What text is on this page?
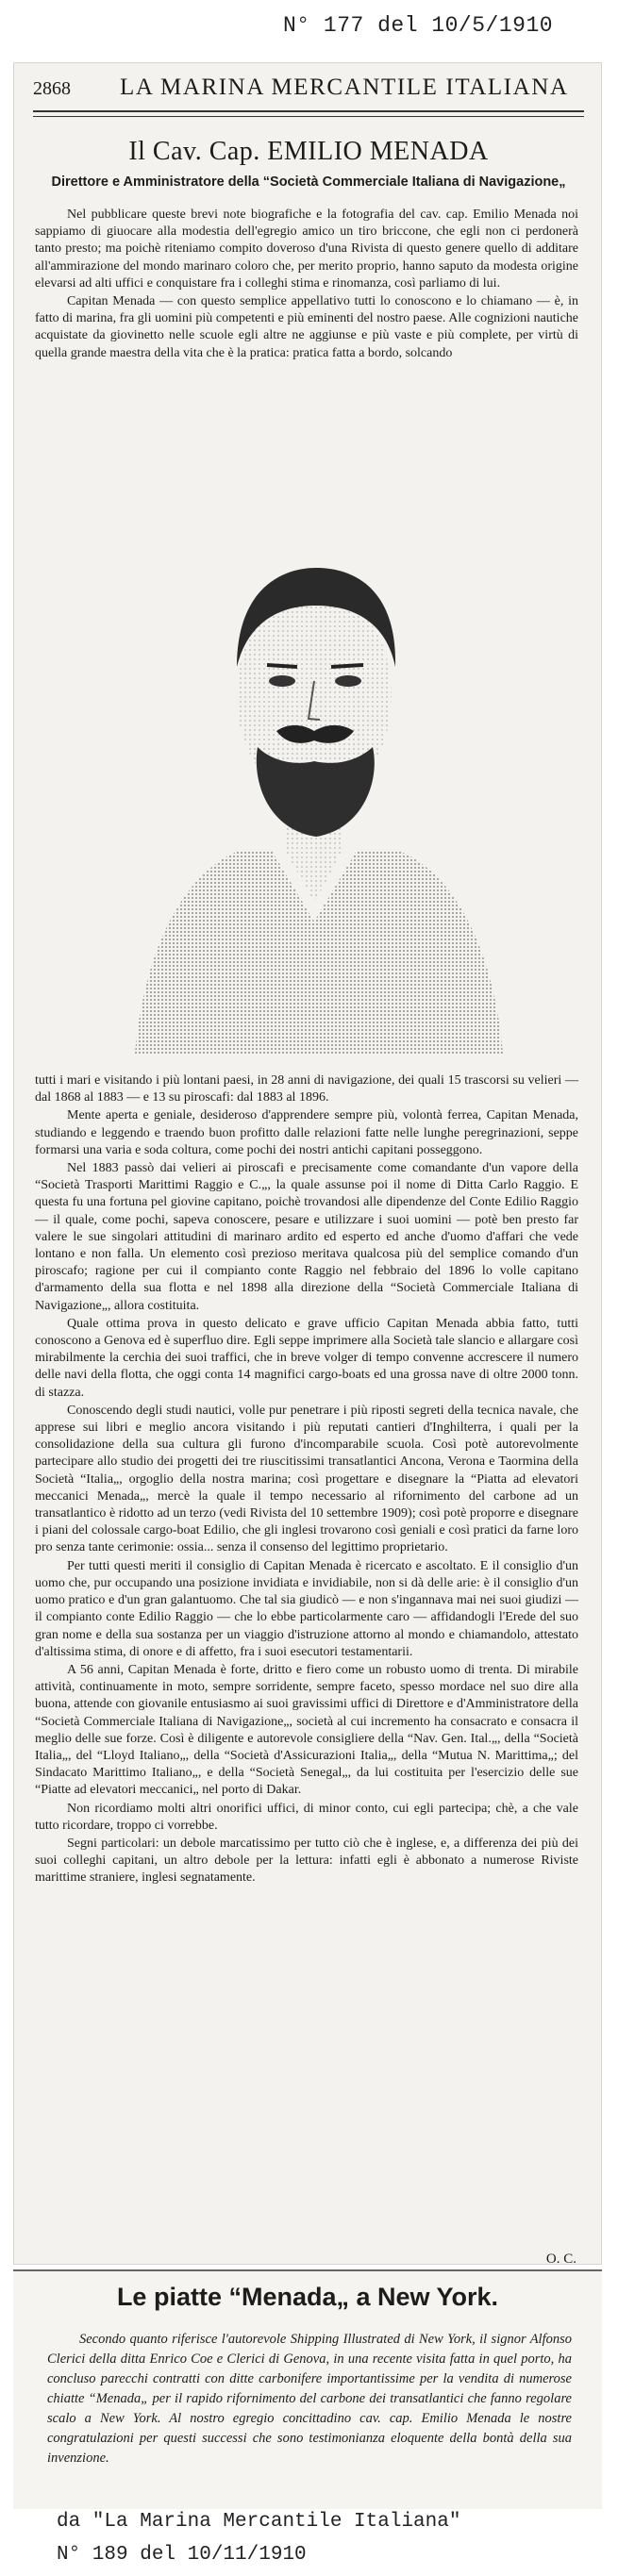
N° 177 del 10/5/1910
2868 LA MARINA MERCANTILE ITALIANA
Il Cav. Cap. EMILIO MENADA
Direttore e Amministratore della “Società Commerciale Italiana di Navigazione„

Nel pubblicare queste brevi note biografiche e la fotografia del cav. cap. Emilio Menada noi sappiamo di giuocare alla modestia dell'egregio amico un tiro briccone, che egli non ci perdonerà tanto presto; ma poichè riteniamo compito doveroso d'una Rivista di questo genere quello di additare all'ammirazione del mondo marinaro coloro che, per merito proprio, hanno saputo da modesta origine elevarsi ad alti uffici e conquistare fra i colleghi stima e rinomanza, così parliamo di lui.

Capitan Menada — con questo semplice appellativo tutti lo conoscono e lo chiamano — è, in fatto di marina, fra gli uomini più competenti e più eminenti del nostro paese. Alle cognizioni nautiche acquistate da giovinetto nelle scuole egli altre ne aggiunse e più vaste e più complete, per virtù di quella grande maestra della vita che è la pratica: pratica fatta a bordo, solcando

tutti i mari e visitando i più lontani paesi, in 28 anni di navigazione, dei quali 15 trascorsi su velieri — dal 1868 al 1883 — e 13 su piroscafi: dal 1883 al 1896.

Mente aperta e geniale, desideroso d'apprendere sempre più, volontà ferrea, Capitan Menada, studiando e leggendo e traendo buon profitto dalle relazioni fatte nelle lunghe peregrinazioni, seppe formarsi una varia e soda coltura, come pochi dei nostri antichi capitani posseggono.

Nel 1883 passò dai velieri ai piroscafi e precisamente come comandante d'un vapore della “Società Trasporti Marittimi Raggio e C.„, la quale assunse poi il nome di Ditta Carlo Raggio. E questa fu una fortuna pel giovine capitano, poichè trovandosi alle dipendenze del Conte Edilio Raggio — il quale, come pochi, sapeva conoscere, pesare e utilizzare i suoi uomini — potè ben presto far valere le sue singolari attitudini di marinaro ardito ed esperto ed anche d'uomo d'affari che vede lontano e non falla. Un elemento così prezioso meritava qualcosa più del semplice comando d'un piroscafo; ragione per cui il compianto conte Raggio nel febbraio del 1896 lo volle capitano d'armamento della sua flotta e nel 1898 alla direzione della “Società Commerciale Italiana di Navigazione„, allora costituita.

Quale ottima prova in questo delicato e grave ufficio Capitan Menada abbia fatto, tutti conoscono a Genova ed è superfluo dire. Egli seppe imprimere alla Società tale slancio e allargare così mirabilmente la cerchia dei suoi traffici, che in breve volger di tempo convenne accrescere il numero delle navi della flotta, che oggi conta 14 magnifici cargo-boats ed una grossa nave di oltre 2000 tonn. di stazza.

Conoscendo degli studi nautici, volle pur penetrare i più riposti segreti della tecnica navale, che apprese sui libri e meglio ancora visitando i più reputati cantieri d'Inghilterra, i quali per la consolidazione della sua cultura gli furono d'incomparabile scuola. Così potè autorevolmente partecipare allo studio dei progetti dei tre riuscitissimi transatlantici Ancona, Verona e Taormina della Società “Italia„, orgoglio della nostra marina; così progettare e disegnare la “Piatta ad elevatori meccanici Menada„, mercè la quale il tempo necessario al rifornimento del carbone ad un transatlantico è ridotto ad un terzo (vedi Rivista del 10 settembre 1909); così potè proporre e disegnare i piani del colossale cargo-boat Edilio, che gli inglesi trovarono così geniali e così pratici da farne loro pro senza tante cerimonie: ossia... senza il consenso del legittimo proprietario.

Per tutti questi meriti il consiglio di Capitan Menada è ricercato e ascoltato. E il consiglio d'un uomo che, pur occupando una posizione invidiata e invidiabile, non si dà delle arie: è il consiglio d'un uomo pratico e d'un gran galantuomo. Che tal sia giudicò — e non s'ingannava mai nei suoi giudizi — il compianto conte Edilio Raggio — che lo ebbe particolarmente caro — affidandogli l'Erede del suo gran nome e della sua sostanza per un viaggio d'istruzione attorno al mondo e chiamandolo, attestato d'altissima stima, di onore e di affetto, fra i suoi esecutori testamentarii.

A 56 anni, Capitan Menada è forte, dritto e fiero come un robusto uomo di trenta. Di mirabile attività, continuamente in moto, sempre sorridente, sempre faceto, spesso mordace nel suo dire alla buona, attende con giovanile entusiasmo ai suoi gravissimi uffici di Direttore e d'Amministratore della “Società Commerciale Italiana di Navigazione„, società al cui incremento ha consacrato e consacra il meglio delle sue forze. Così è diligente e autorevole consigliere della “Nav. Gen. Ital.„, della “Società Italia„, del “Lloyd Italiano„, della “Società d'Assicurazioni Italia„, della “Mutua N. Marittima„; del Sindacato Marittimo Italiano„, e della “Società Senegal„, da lui costituita per l'esercizio delle sue “Piatte ad elevatori meccanici„ nel porto di Dakar.

Non ricordiamo molti altri onorifici uffici, di minor conto, cui egli partecipa; chè, a che vale tutto ricordare, troppo ci vorrebbe.

Segni particolari: un debole marcatissimo per tutto ciò che è inglese, e, a differenza dei più dei suoi colleghi capitani, un altro debole per la lettura: infatti egli è abbonato a numerose Riviste marittime straniere, inglesi segnatamente.

O. C.
Le piatte “Menada„ a New York.

Secondo quanto riferisce l'autorevole Shipping Illustrated di New York, il signor Alfonso Clerici della ditta Enrico Coe e Clerici di Genova, in una recente visita fatta in quel porto, ha concluso parecchi contratti con ditte carbonifere importantissime per la vendita di numerose chiatte “Menada„ per il rapido rifornimento del carbone dei transatlantici che fanno regolare scalo a New York. Al nostro egregio concittadino cav. cap. Emilio Menada le nostre congratulazioni per questi successi che sono testimonianza eloquente della bontà della sua invenzione.

da "La Marina Mercantile Italiana"
N° 189 del 10/11/1910
